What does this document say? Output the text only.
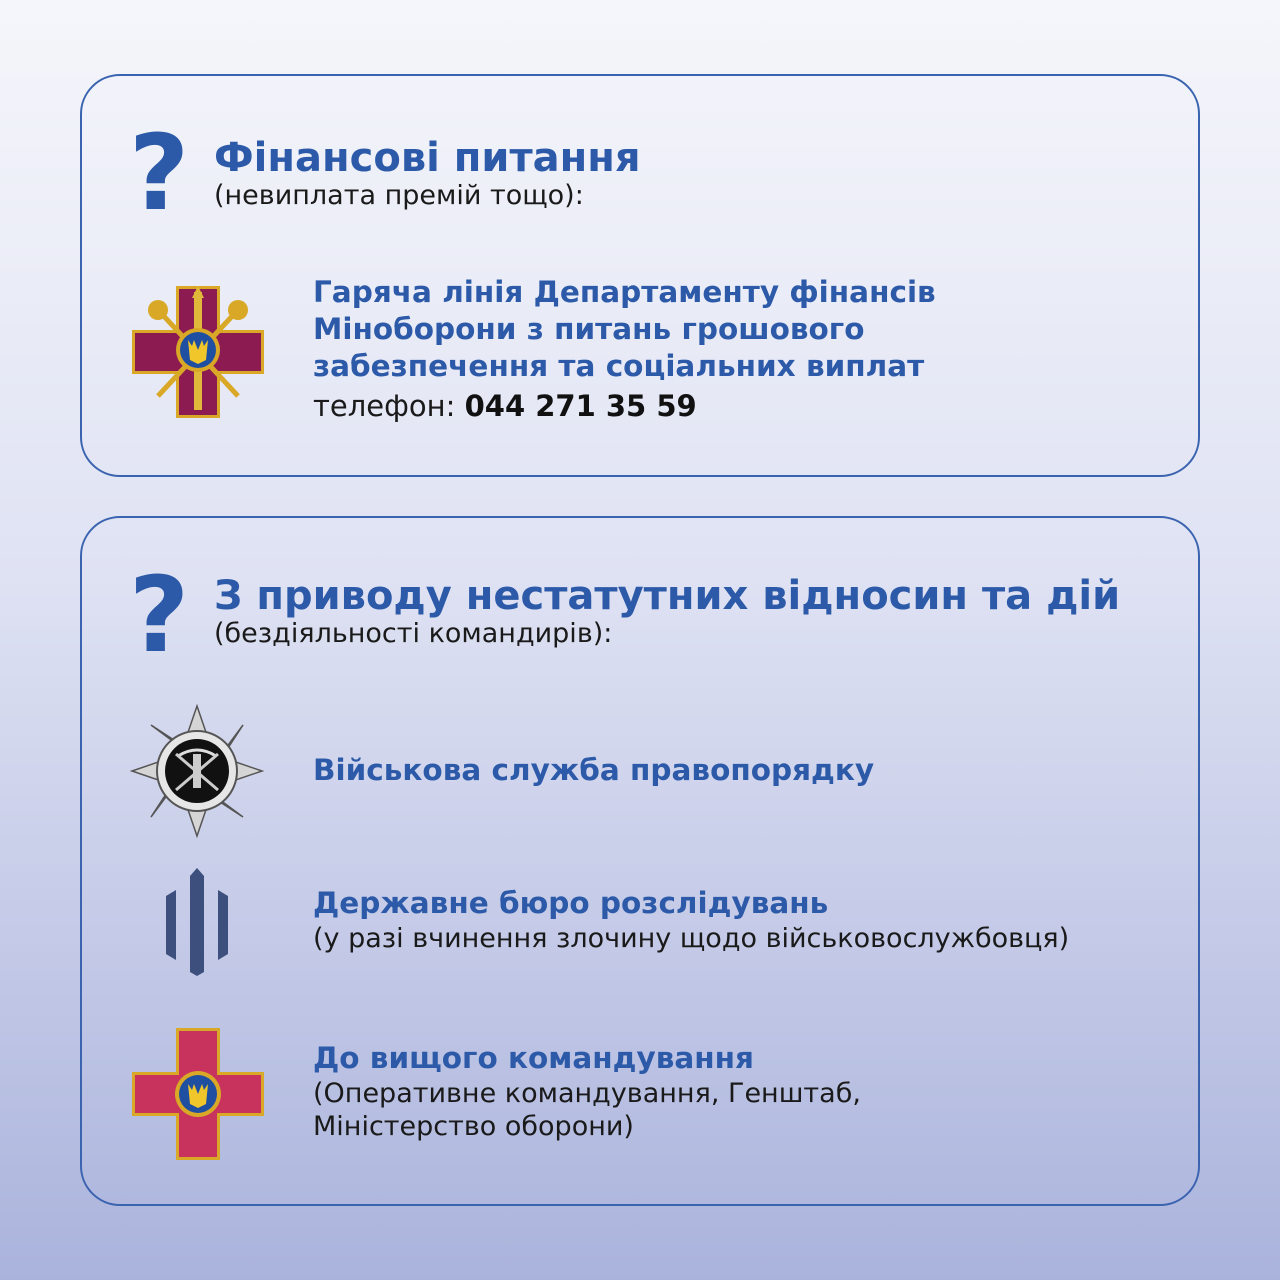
? Фінансові питання
(невиплата премій тощо):
Гаряча лінія Департаменту фінансів
Міноборони з питань грошового
забезпечення та соціальних виплат
телефон: 044 271 35 59
? З приводу нестатутних відносин та дій
(бездіяльності командирів):
Військова служба правопорядку
Державне бюро розслідувань
(у разі вчинення злочину щодо військовослужбовця)
До вищого командування
(Оперативне командування, Генштаб,
Міністерство оборони)
